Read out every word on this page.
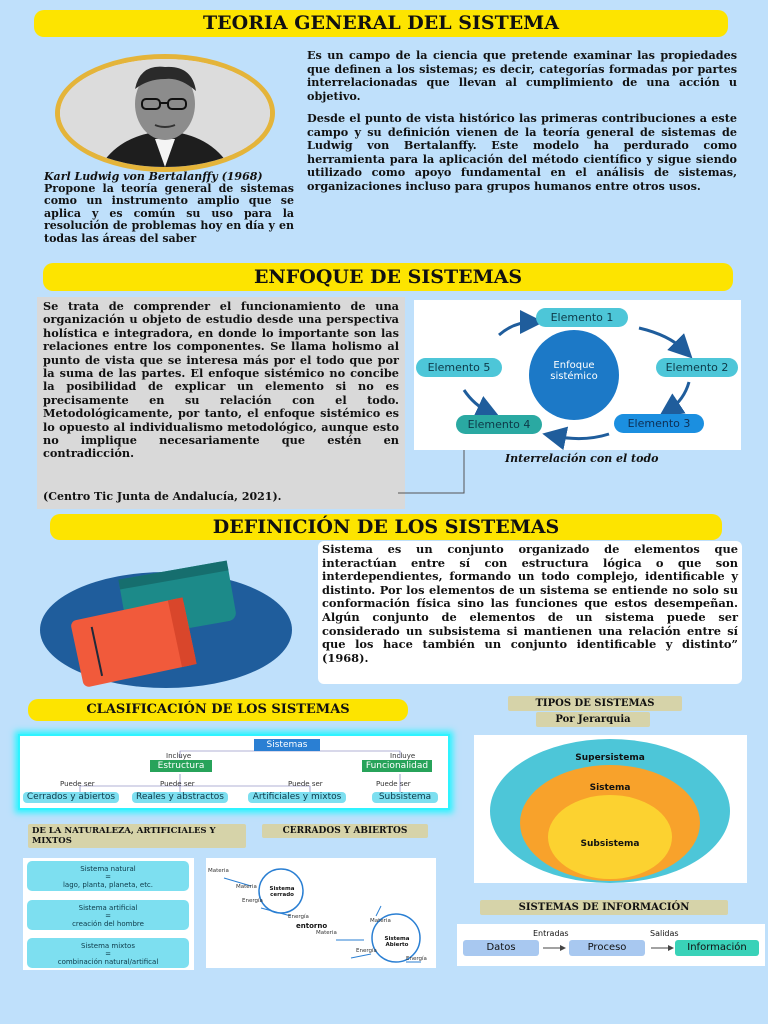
TEORIA GENERAL DEL SISTEMA
Karl Ludwig von Bertalanffy (1968)
Propone la teoría general de sistemas como un instrumento amplio que se aplica y es común su uso para la resolución de problemas hoy en día y en todas las áreas del saber
Es un campo de la ciencia que pretende examinar las propiedades que definen a los sistemas; es decir, categorías formadas por partes interrelacionadas que llevan al cumplimiento de una acción u objetivo.
Desde el punto de vista histórico las primeras contribuciones a este campo y su definición vienen de la teoría general de sistemas de Ludwig von Bertalanffy. Este modelo ha perdurado como herramienta para la aplicación del método científico y sigue siendo utilizado como apoyo fundamental en el análisis de sistemas, organizaciones incluso para grupos humanos entre otros usos.
ENFOQUE DE SISTEMAS
Se trata de comprender el funcionamiento de una organización u objeto de estudio desde una perspectiva holística e integradora, en donde lo importante son las relaciones entre los componentes. Se llama holismo al punto de vista que se interesa más por el todo que por la suma de las partes. El enfoque sistémico no concibe la posibilidad de explicar un elemento si no es precisamente en su relación con el todo. Metodológicamente, por tanto, el enfoque sistémico es lo opuesto al individualismo metodológico, aunque esto no implique necesariamente que estén en contradicción.
(Centro Tic Junta de Andalucía, 2021).
Enfoque sistémico
Elemento 1
Elemento 2
Elemento 3
Elemento 4
Elemento 5
Interrelación con el todo
DEFINICIÓN DE LOS SISTEMAS
Sistema es un conjunto organizado de elementos que interactúan entre sí con estructura lógica o que son interdependientes, formando un todo complejo, identificable y distinto. Por los elementos de un sistema se entiende no solo su conformación física sino las funciones que estos desempeñan. Algún conjunto de elementos de un sistema puede ser considerado un subsistema si mantienen una relación entre sí que los hace también un conjunto identificable y distinto” (1968).
CLASIFICACIÓN DE LOS SISTEMAS
Sistemas
Incluye	Incluye
Estructura	Funcionalidad
Puede ser	Puede ser	Puede ser	Puede ser
Cerrados y abiertos	Reales y abstractos	Artificiales y mixtos	Subsistema
TIPOS DE SISTEMAS
Por Jerarquia
Supersistema
Sistema
Subsistema
DE LA NATURALEZA, ARTIFICIALES Y MIXTOS
Sistema natural
=
lago, planta, planeta, etc.
Sistema artificial
=
creación del hombre
Sistema mixtos
=
combinación natural/artifical
CERRADOS Y ABIERTOS
Materia
Materia Sistema cerrado
Energía
Energía
entorno
Materia
Materia
Sistema Abierto
Energía
Energía
SISTEMAS DE INFORMACIÓN
Entradas	Salidas
Datos	Proceso	Información
